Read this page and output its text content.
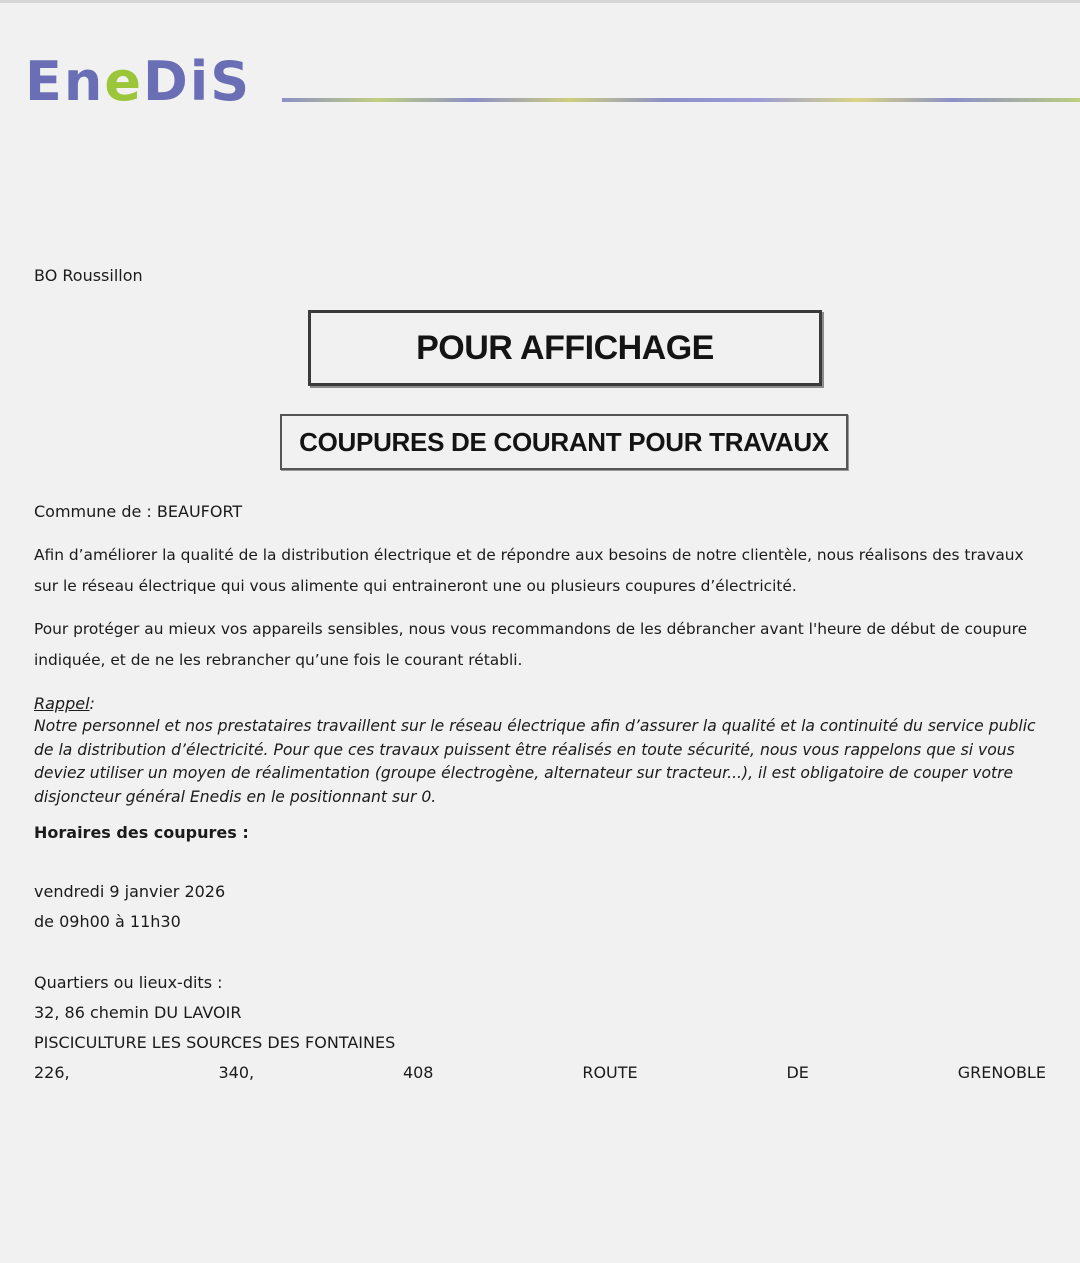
EneDiS
BO Roussillon
POUR AFFICHAGE
COUPURES DE COURANT POUR TRAVAUX
Commune de : BEAUFORT
Afin d’améliorer la qualité de la distribution électrique et de répondre aux besoins de notre clientèle, nous réalisons des travaux sur le réseau électrique qui vous alimente qui entraineront une ou plusieurs coupures d’électricité.
Pour protéger au mieux vos appareils sensibles, nous vous recommandons de les débrancher avant l'heure de début de coupure indiquée, et de ne les rebrancher qu’une fois le courant rétabli.
Rappel:
Notre personnel et nos prestataires travaillent sur le réseau électrique afin d’assurer la qualité et la continuité du service public de la distribution d’électricité. Pour que ces travaux puissent être réalisés en toute sécurité, nous vous rappelons que si vous deviez utiliser un moyen de réalimentation (groupe électrogène, alternateur sur tracteur...), il est obligatoire de couper votre disjoncteur général Enedis en le positionnant sur 0.
Horaires des coupures :
vendredi 9 janvier 2026
de 09h00 à 11h30
Quartiers ou lieux-dits :
32, 86 chemin DU LAVOIR
PISCICULTURE LES SOURCES DES FONTAINES
226,	340,	408	ROUTE	DE	GRENOBLE
